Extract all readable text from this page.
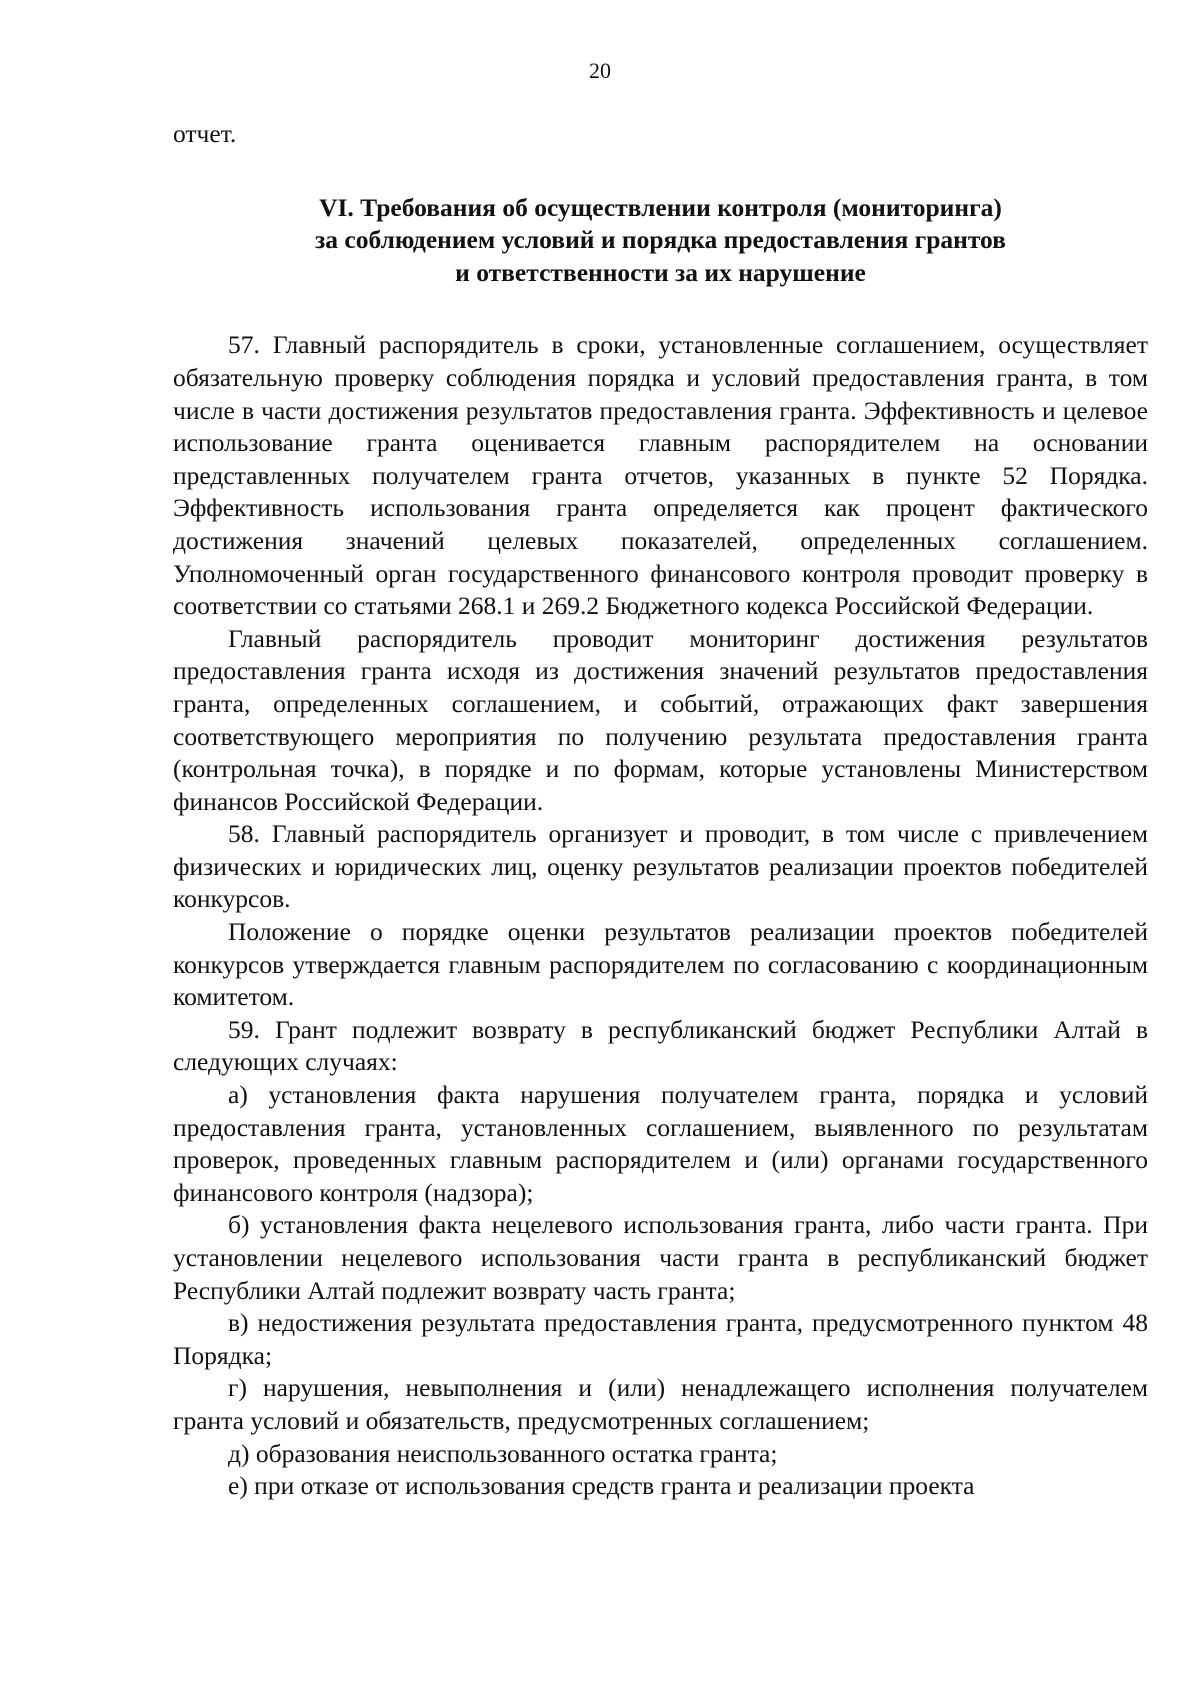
20

отчет.

VI. Требования об осуществлении контроля (мониторинга)
за соблюдением условий и порядка предоставления грантов
и ответственности за их нарушение

57. Главный распорядитель в сроки, установленные соглашением, осуществляет обязательную проверку соблюдения порядка и условий предоставления гранта, в том числе в части достижения результатов предоставления гранта. Эффективность и целевое использование гранта оценивается главным распорядителем на основании представленных получателем гранта отчетов, указанных в пункте 52 Порядка. Эффективность использования гранта определяется как процент фактического достижения значений целевых показателей, определенных соглашением. Уполномоченный орган государственного финансового контроля проводит проверку в соответствии со статьями 268.1 и 269.2 Бюджетного кодекса Российской Федерации.

Главный распорядитель проводит мониторинг достижения результатов предоставления гранта исходя из достижения значений результатов предоставления гранта, определенных соглашением, и событий, отражающих факт завершения соответствующего мероприятия по получению результата предоставления гранта (контрольная точка), в порядке и по формам, которые установлены Министерством финансов Российской Федерации.

58. Главный распорядитель организует и проводит, в том числе с привлечением физических и юридических лиц, оценку результатов реализации проектов победителей конкурсов.

Положение о порядке оценки результатов реализации проектов победителей конкурсов утверждается главным распорядителем по согласованию с координационным комитетом.

59. Грант подлежит возврату в республиканский бюджет Республики Алтай в следующих случаях:

а) установления факта нарушения получателем гранта, порядка и условий предоставления гранта, установленных соглашением, выявленного по результатам проверок, проведенных главным распорядителем и (или) органами государственного финансового контроля (надзора);

б) установления факта нецелевого использования гранта, либо части гранта. При установлении нецелевого использования части гранта в республиканский бюджет Республики Алтай подлежит возврату часть гранта;

в) недостижения результата предоставления гранта, предусмотренного пунктом 48 Порядка;

г) нарушения, невыполнения и (или) ненадлежащего исполнения получателем гранта условий и обязательств, предусмотренных соглашением;

д) образования неиспользованного остатка гранта;

е) при отказе от использования средств гранта и реализации проекта
